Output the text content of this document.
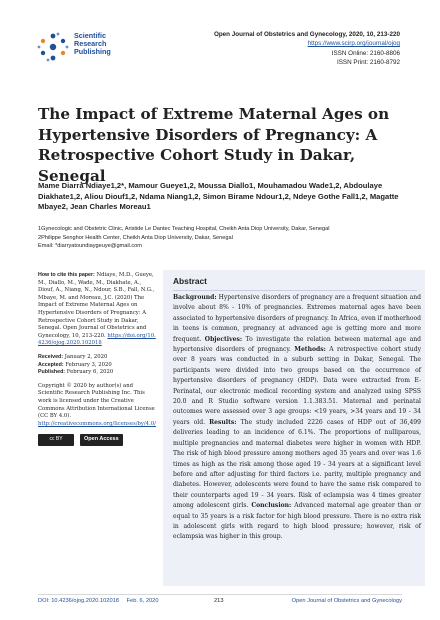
Scientific
Research
Publishing
Open Journal of Obstetrics and Gynecology, 2020, 10, 213-220
https://www.scirp.org/journal/ojog
ISSN Online: 2160-8806
ISSN Print: 2160-8792
The Impact of Extreme Maternal Ages on Hypertensive Disorders of Pregnancy: A Retrospective Cohort Study in Dakar, Senegal
Mame Diarra Ndiaye1,2*, Mamour Gueye1,2, Moussa Diallo1, Mouhamadou Wade1,2, Abdoulaye Diakhate1,2, Aliou Diouf1,2, Ndama Niang1,2, Simon Birame Ndour1,2, Ndeye Gothe Fall1,2, Magatte Mbaye2, Jean Charles Moreau1
1Gynecologic and Obstetric Clinic, Aristide Le Dantec Teaching Hospital, Cheikh Anta Diop University, Dakar, Senegal
2Philippe Senghor Health Center, Cheikh Anta Diop University, Dakar, Senegal
Email: *diarryatoundiaygeuye@gmail.com

How to cite this paper: Ndiaye, M.D., Gueye, M., Diallo, M., Wade, M., Diakhate, A., Diouf, A., Niang, N., Ndour, S.B., Fall, N.G., Mbaye, M. and Moreau, J.C. (2020) The Impact of Extreme Maternal Ages on Hypertensive Disorders of Pregnancy: A Retrospective Cohort Study in Dakar, Senegal. Open Journal of Obstetrics and Gynecology, 10, 213-220. https://doi.org/10.4236/ojog.2020.102018

Received: January 2, 2020
Accepted: February 3, 2020
Published: February 6, 2020

Copyright © 2020 by author(s) and Scientific Research Publishing Inc. This work is licensed under the Creative Commons Attribution International License (CC BY 4.0).
http://creativecommons.org/licenses/by/4.0/

cc BY	Open Access
Abstract
Background: Hypertensive disorders of pregnancy are a frequent situation and involve about 8% - 10% of pregnancies. Extremes maternal ages have been associated to hypertensive disorders of pregnancy. In Africa, even if motherhood in teens is common, pregnancy at advanced age is getting more and more frequent. Objectives: To investigate the relation between maternal age and hypertensive disorders of pregnancy. Methods: A retrospective cohort study over 8 years was conducted in a suburb setting in Dakar, Senegal. The participants were divided into two groups based on the occurrence of hypertensive disorders of pregnancy (HDP). Data were extracted from E-Perinatal, our electronic medical recording system and analyzed using SPSS 20.0 and R Studio software version 1.1.383.51. Maternal and perinatal outcomes were assessed over 3 age groups: <19 years, >34 years and 19 - 34 years old. Results: The study included 2226 cases of HDP out of 36,499 deliveries leading to an incidence of 6.1%. The proportions of nulliparous, multiple pregnancies and maternal diabetes were higher in women with HDP. The risk of high blood pressure among mothers aged 35 years and over was 1.6 times as high as the risk among those aged 19 - 34 years at a significant level before and after adjusting for third factors i.e. parity, multiple pregnancy and diabetes. However, adolescents were found to have the same risk compared to their counterparts aged 19 - 34 years. Risk of eclampsia was 4 times greater among adolescent girls. Conclusion: Advanced maternal age greater than or equal to 35 years is a risk factor for high blood pressure. There is no extra risk in adolescent girls with regard to high blood pressure; however, risk of eclampsia was higher in this group.
DOI: 10.4236/ojog.2020.102018 Feb. 6, 2020	213	Open Journal of Obstetrics and Gynecology
